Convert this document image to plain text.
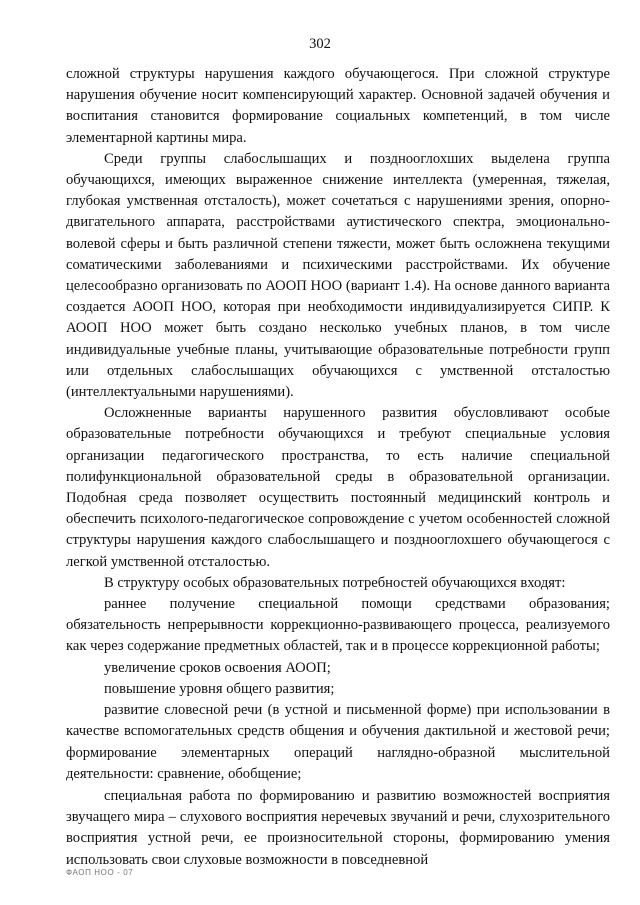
302

сложной структуры нарушения каждого обучающегося. При сложной структуре нарушения обучение носит компенсирующий характер. Основной задачей обучения и воспитания становится формирование социальных компетенций, в том числе элементарной картины мира.

Среди группы слабослышащих и позднооглохших выделена группа обучающихся, имеющих выраженное снижение интеллекта (умеренная, тяжелая, глубокая умственная отсталость), может сочетаться с нарушениями зрения, опорно-двигательного аппарата, расстройствами аутистического спектра, эмоционально-волевой сферы и быть различной степени тяжести, может быть осложнена текущими соматическими заболеваниями и психическими расстройствами. Их обучение целесообразно организовать по АООП НОО (вариант 1.4). На основе данного варианта создается АООП НОО, которая при необходимости индивидуализируется СИПР. К АООП НОО может быть создано несколько учебных планов, в том числе индивидуальные учебные планы, учитывающие образовательные потребности групп или отдельных слабослышащих обучающихся с умственной отсталостью (интеллектуальными нарушениями).

Осложненные варианты нарушенного развития обусловливают особые образовательные потребности обучающихся и требуют специальные условия организации педагогического пространства, то есть наличие специальной полифункциональной образовательной среды в образовательной организации. Подобная среда позволяет осуществить постоянный медицинский контроль и обеспечить психолого-педагогическое сопровождение с учетом особенностей сложной структуры нарушения каждого слабослышащего и позднооглохшего обучающегося с легкой умственной отсталостью.

В структуру особых образовательных потребностей обучающихся входят:

раннее получение специальной помощи средствами образования; обязательность непрерывности коррекционно-развивающего процесса, реализуемого как через содержание предметных областей, так и в процессе коррекционной работы;

увеличение сроков освоения АООП;

повышение уровня общего развития;

развитие словесной речи (в устной и письменной форме) при использовании в качестве вспомогательных средств общения и обучения дактильной и жестовой речи; формирование элементарных операций наглядно-образной мыслительной деятельности: сравнение, обобщение;

специальная работа по формированию и развитию возможностей восприятия звучащего мира – слухового восприятия неречевых звучаний и речи, слухозрительного восприятия устной речи, ее произносительной стороны, формированию умения использовать свои слуховые возможности в повседневной

ФАОП НОО - 07
